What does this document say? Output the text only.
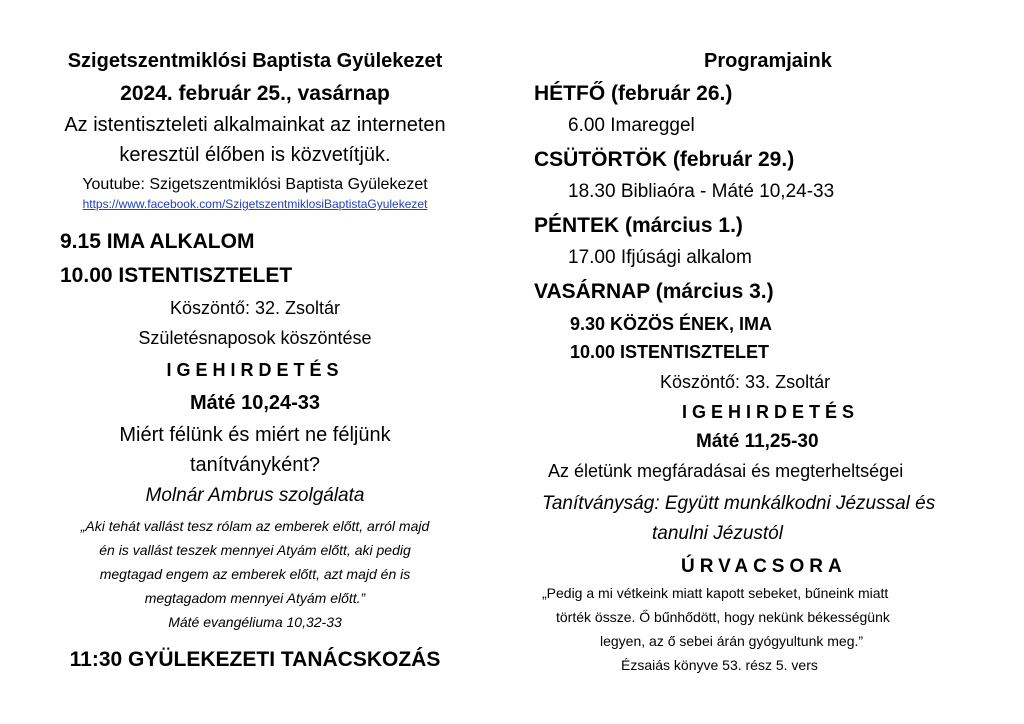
Szigetszentmiklósi Baptista Gyülekezet
2024. február 25., vasárnap
Az istentiszteleti alkalmainkat az interneten
keresztül élőben is közvetítjük.
Youtube: Szigetszentmiklósi Baptista Gyülekezet
https://www.facebook.com/SzigetszentmiklosiBaptistaGyulekezet
9.15 IMA ALKALOM
10.00 ISTENTISZTELET
Köszöntő: 32. Zsoltár
Születésnaposok köszöntése
IGEHIRDETÉS
Máté 10,24-33
Miért félünk és miért ne féljünk
tanítványként?
Molnár Ambrus szolgálata
„Aki tehát vallást tesz rólam az emberek előtt, arról majd
én is vallást teszek mennyei Atyám előtt, aki pedig
megtagad engem az emberek előtt, azt majd én is
megtagadom mennyei Atyám előtt.”
Máté evangéliuma 10,32-33
11:30 GYÜLEKEZETI TANÁCSKOZÁS
Programjaink
HÉTFŐ (február 26.)
6.00 Imareggel
CSÜTÖRTÖK (február 29.)
18.30 Bibliaóra - Máté 10,24-33
PÉNTEK (március 1.)
17.00 Ifjúsági alkalom
VASÁRNAP (március 3.)
9.30 KÖZÖS ÉNEK, IMA
10.00 ISTENTISZTELET
Köszöntő: 33. Zsoltár
IGEHIRDETÉS
Máté 11,25-30
Az életünk megfáradásai és megterheltségei
Tanítványság: Együtt munkálkodni Jézussal és
tanulni Jézustól
ÚRVACSORA
„Pedig a mi vétkeink miatt kapott sebeket, bűneink miatt
törték össze. Ő bűnhődött, hogy nekünk békességünk
legyen, az ő sebei árán gyógyultunk meg.”
Ézsaiás könyve 53. rész 5. vers
